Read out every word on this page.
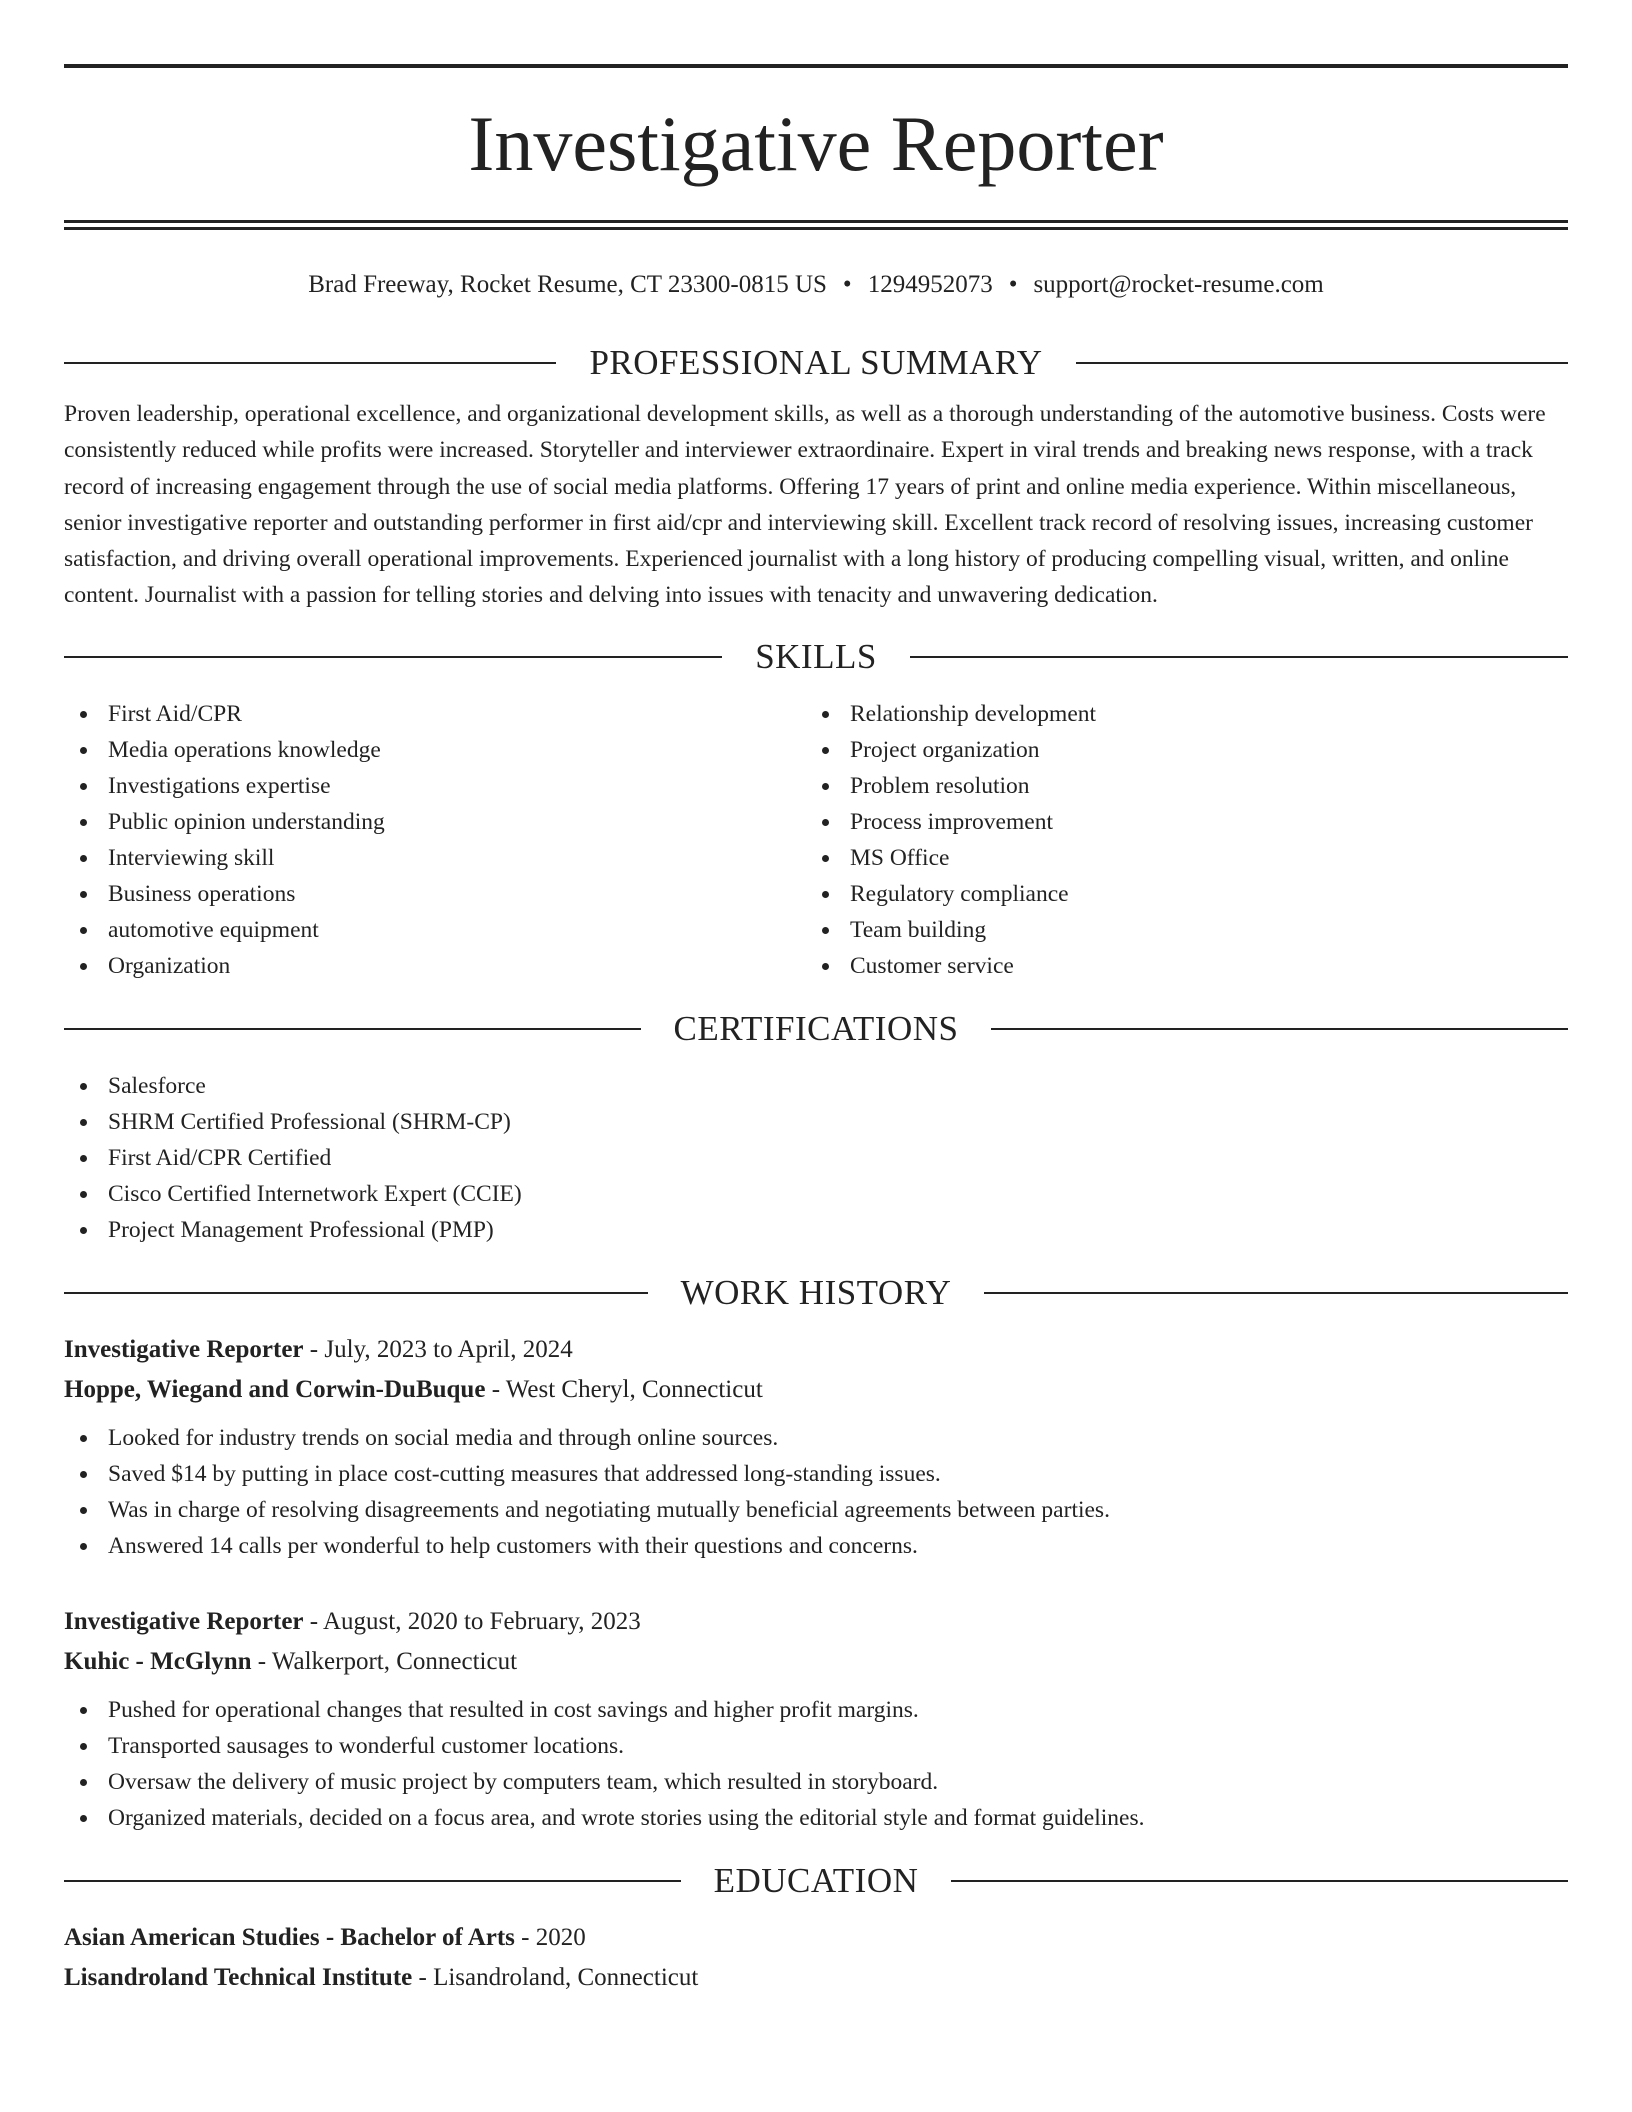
Investigative Reporter
Brad Freeway, Rocket Resume, CT 23300-0815 US • 1294952073 • support@rocket-resume.com
PROFESSIONAL SUMMARY
Proven leadership, operational excellence, and organizational development skills, as well as a thorough understanding of the automotive business. Costs were consistently reduced while profits were increased. Storyteller and interviewer extraordinaire. Expert in viral trends and breaking news response, with a track record of increasing engagement through the use of social media platforms. Offering 17 years of print and online media experience. Within miscellaneous, senior investigative reporter and outstanding performer in first aid/cpr and interviewing skill. Excellent track record of resolving issues, increasing customer satisfaction, and driving overall operational improvements. Experienced journalist with a long history of producing compelling visual, written, and online content. Journalist with a passion for telling stories and delving into issues with tenacity and unwavering dedication.
SKILLS
First Aid/CPR
Media operations knowledge
Investigations expertise
Public opinion understanding
Interviewing skill
Business operations
automotive equipment
Organization
Relationship development
Project organization
Problem resolution
Process improvement
MS Office
Regulatory compliance
Team building
Customer service
CERTIFICATIONS
Salesforce
SHRM Certified Professional (SHRM-CP)
First Aid/CPR Certified
Cisco Certified Internetwork Expert (CCIE)
Project Management Professional (PMP)
WORK HISTORY
Investigative Reporter - July, 2023 to April, 2024
Hoppe, Wiegand and Corwin-DuBuque - West Cheryl, Connecticut
Looked for industry trends on social media and through online sources.
Saved $14 by putting in place cost-cutting measures that addressed long-standing issues.
Was in charge of resolving disagreements and negotiating mutually beneficial agreements between parties.
Answered 14 calls per wonderful to help customers with their questions and concerns.
Investigative Reporter - August, 2020 to February, 2023
Kuhic - McGlynn - Walkerport, Connecticut
Pushed for operational changes that resulted in cost savings and higher profit margins.
Transported sausages to wonderful customer locations.
Oversaw the delivery of music project by computers team, which resulted in storyboard.
Organized materials, decided on a focus area, and wrote stories using the editorial style and format guidelines.
EDUCATION
Asian American Studies - Bachelor of Arts - 2020
Lisandroland Technical Institute - Lisandroland, Connecticut
